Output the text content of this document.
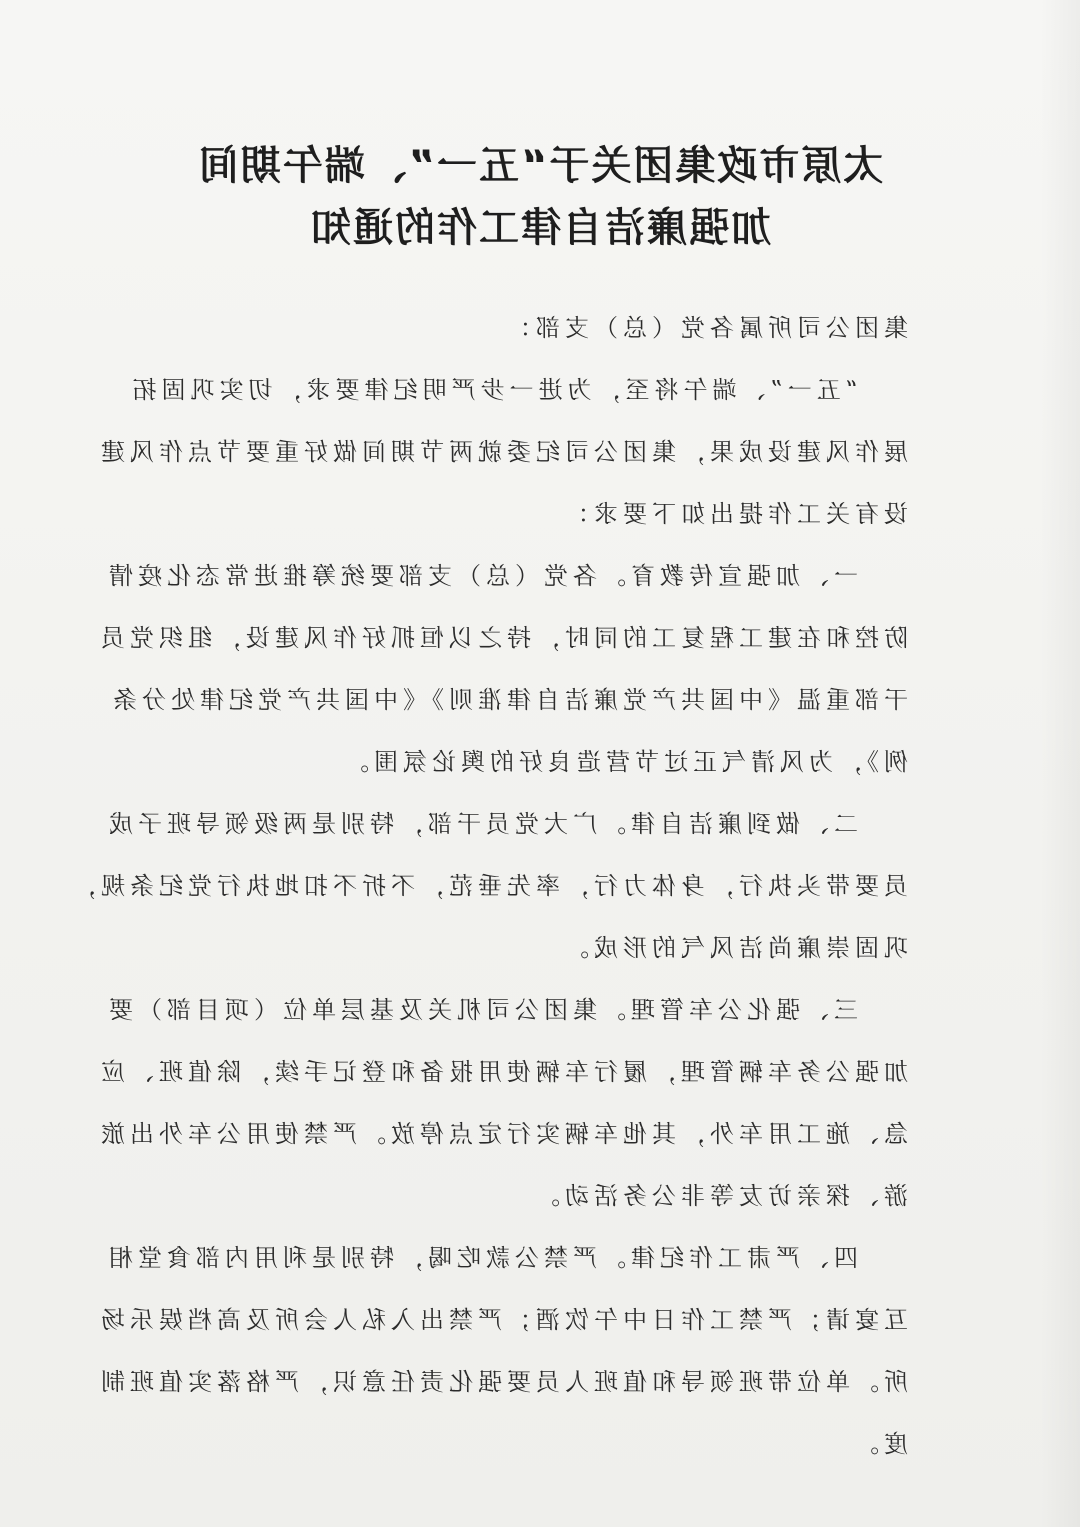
太原市政集团关于“五一”、端午期间
加强廉洁自律工作的通知
集团公司所属各党（总）支部：
“五一”、端午将至，为进一步严明纪律要求，切实巩固拓
展作风建设成果，集团公司纪委就两节期间做好重要节点作风建
设有关工作提出如下要求：
一、加强宣传教育。各党（总）支部要统筹推进常态化疫情
防控和在建工程复工的同时，持之以恒抓好作风建设，组织党员
干部重温《中国共产党廉洁自律准则》《中国共产党纪律处分条
例》，为风清气正过节营造良好的舆论氛围。
二、做到廉洁自律。广大党员干部，特别是两级领导班子成
员要带头执行，身体力行，率先垂范，不折不扣地执行党纪条规，
巩固崇廉尚洁风气的形成。
三、强化公车管理。集团公司机关及基层单位（项目部）要
加强公务车辆管理，履行车辆使用报备和登记手续，除值班、应
急、施工用车外，其他车辆实行定点停放。严禁使用公车外出旅
游、探亲访友等非公务活动。
四、严肃工作纪律。严禁公款吃喝，特别是利用内部食堂相
互宴请；严禁工作日中午饮酒；严禁出入私人会所及高档娱乐场
所。单位带班领导和值班人员要强化责任意识，严格落实值班制
度。
